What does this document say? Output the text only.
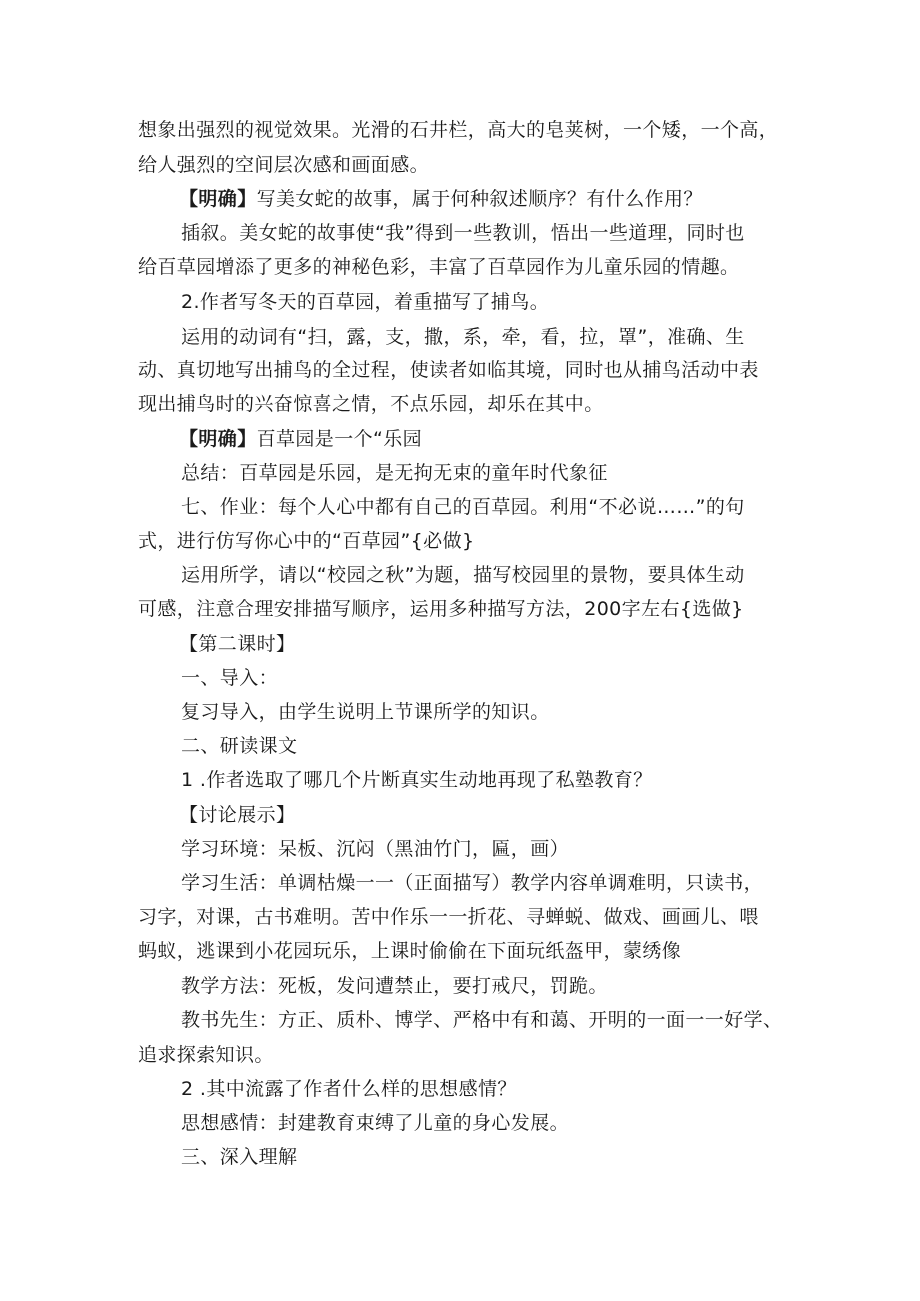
想象出强烈的视觉效果。光滑的石井栏，高大的皂荚树，一个矮，一个高，
给人强烈的空间层次感和画面感。
【明确】写美女蛇的故事，属于何种叙述顺序？有什么作用？
插叙。美女蛇的故事使“我”得到一些教训，悟出一些道理，同时也
给百草园增添了更多的神秘色彩，丰富了百草园作为儿童乐园的情趣。
2.作者写冬天的百草园，着重描写了捕鸟。
运用的动词有“扫，露，支，撒，系，牵，看，拉，罩”，准确、生
动、真切地写出捕鸟的全过程，使读者如临其境，同时也从捕鸟活动中表
现出捕鸟时的兴奋惊喜之情，不点乐园，却乐在其中。
【明确】百草园是一个“乐园
总结：百草园是乐园，是无拘无束的童年时代象征
七、作业：每个人心中都有自己的百草园。利用“不必说……”的句
式，进行仿写你心中的“百草园”{必做}
运用所学，请以“校园之秋”为题，描写校园里的景物，要具体生动
可感，注意合理安排描写顺序，运用多种描写方法，200字左右{选做}
【第二课时】
一、导入：
复习导入，由学生说明上节课所学的知识。
二、研读课文
1 .作者选取了哪几个片断真实生动地再现了私塾教育？
【讨论展示】
学习环境：呆板、沉闷（黑油竹门，匾，画）
学习生活：单调枯燥一一（正面描写）教学内容单调难明，只读书，
习字，对课，古书难明。苦中作乐一一折花、寻蝉蜕、做戏、画画儿、喂
蚂蚁，逃课到小花园玩乐，上课时偷偷在下面玩纸盔甲，蒙绣像
教学方法：死板，发问遭禁止，要打戒尺，罚跪。
教书先生：方正、质朴、博学、严格中有和蔼、开明的一面一一好学、
追求探索知识。
2 .其中流露了作者什么样的思想感情？
思想感情：封建教育束缚了儿童的身心发展。
三、深入理解
